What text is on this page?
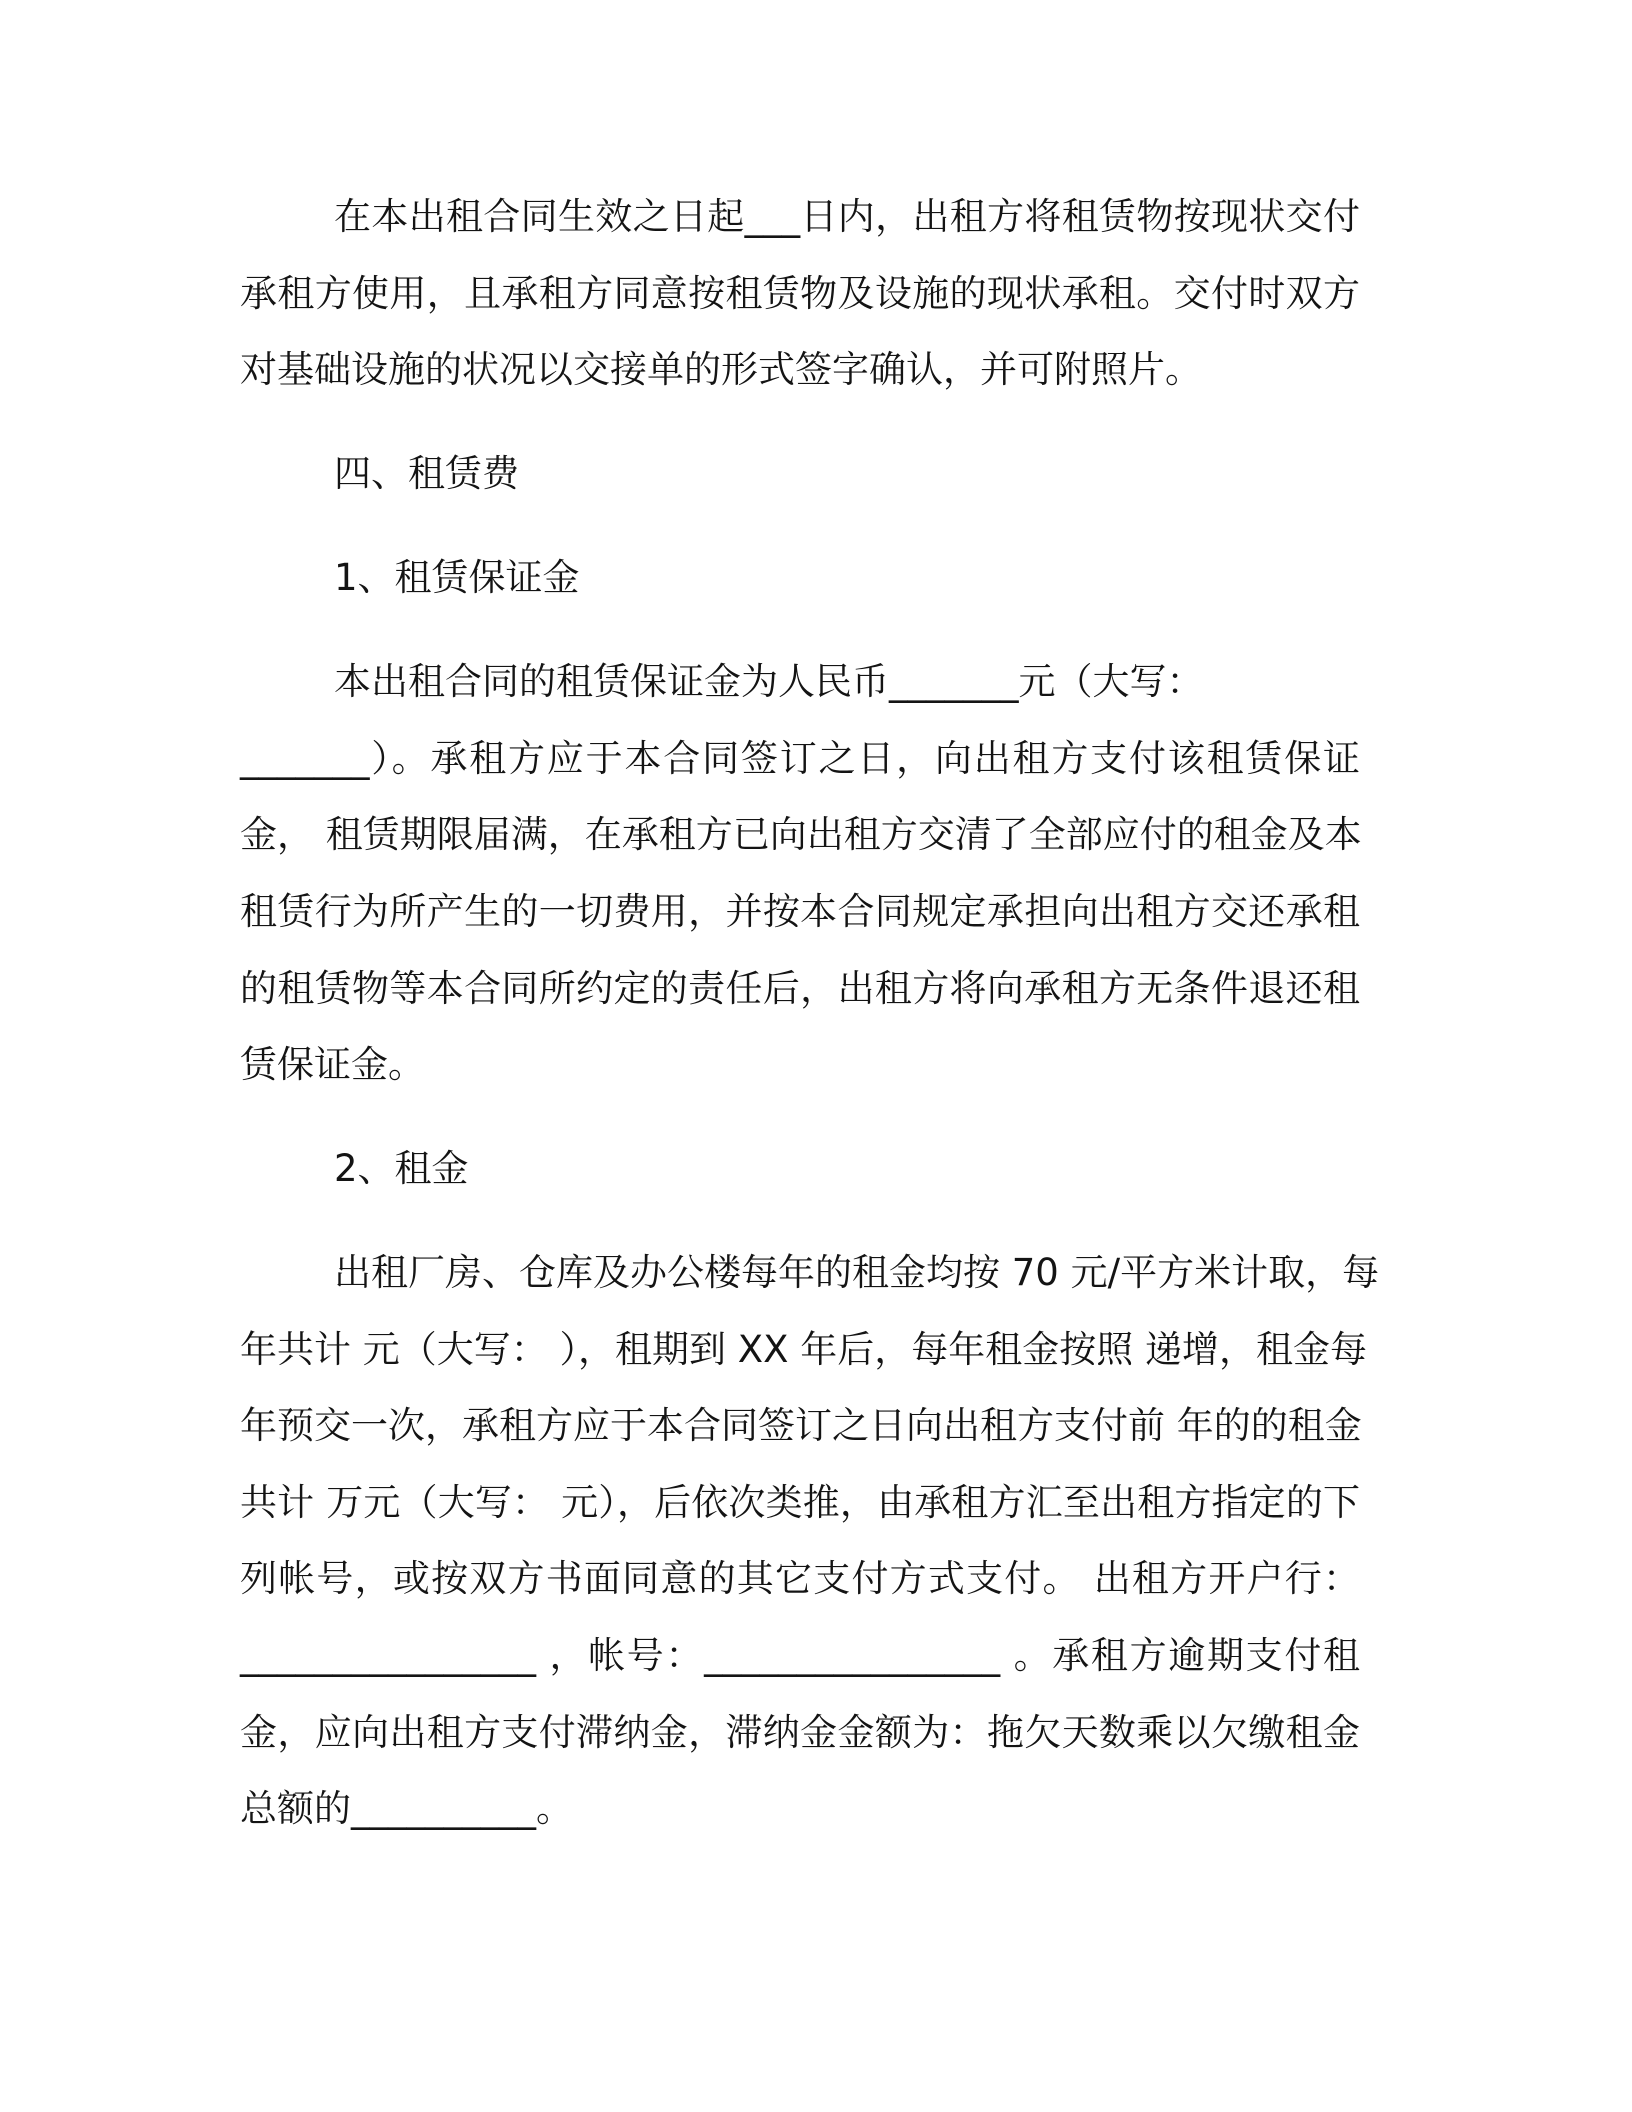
在本出租合同生效之日起___日内，出租方将租赁物按现状交付
承租方使用，且承租方同意按租赁物及设施的现状承租。交付时双方
对基础设施的状况以交接单的形式签字确认，并可附照片。
四、租赁费
1、租赁保证金
本出租合同的租赁保证金为人民币_______元（大写：
_______）。承租方应于本合同签订之日，向出租方支付该租赁保证
金， 租赁期限届满，在承租方已向出租方交清了全部应付的租金及本
租赁行为所产生的一切费用，并按本合同规定承担向出租方交还承租
的租赁物等本合同所约定的责任后，出租方将向承租方无条件退还租
赁保证金。
2、租金
出租厂房、仓库及办公楼每年的租金均按 70 元/平方米计取，每
年共计 元（大写： ），租期到 XX 年后，每年租金按照 递增，租金每
年预交一次，承租方应于本合同签订之日向出租方支付前 年的的租金
共计 万元（大写： 元），后依次类推，由承租方汇至出租方指定的下
列帐号，或按双方书面同意的其它支付方式支付。 出租方开户行：
________________ ，帐号：________________ 。承租方逾期支付租
金，应向出租方支付滞纳金，滞纳金金额为：拖欠天数乘以欠缴租金
总额的__________。
